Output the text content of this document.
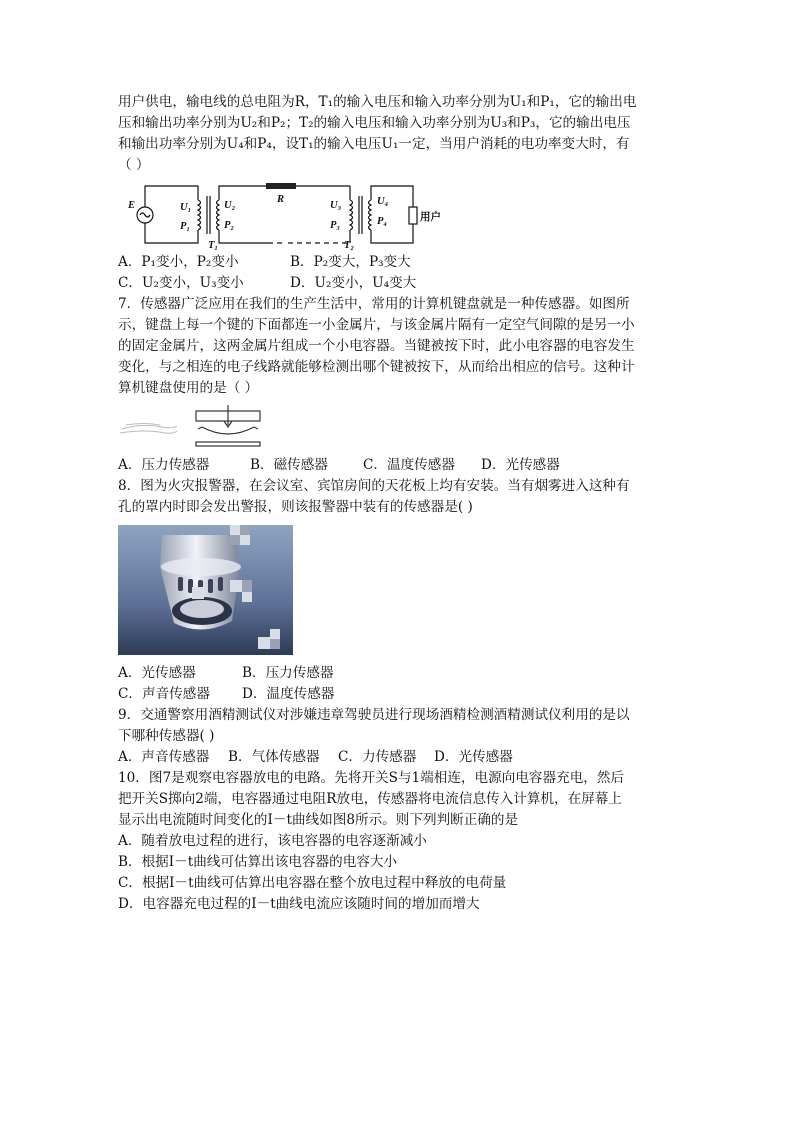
用户供电，输电线的总电阻为R，T₁的输入电压和输入功率分别为U₁和P₁，它的输出电

压和输出功率分别为U₂和P₂；T₂的输入电压和输入功率分别为U₃和P₃，它的输出电压

和输出功率分别为U₄和P₄，设T₁的输入电压U₁一定，当用户消耗的电功率变大时，有

（ ）

E	U₁
P₁
U₂
P₂
R
T₁
U₃
P₃
T₂
U₄
P₄	用户
A．P₁变小，P₂变小	B．P₂变大，P₃变大
C．U₂变小，U₃变小	D．U₂变小，U₄变大

7．传感器广泛应用在我们的生产生活中，常用的计算机键盘就是一种传感器。如图所

示，键盘上每一个键的下面都连一小金属片，与该金属片隔有一定空气间隙的是另一小

的固定金属片，这两金属片组成一个小电容器。当键被按下时，此小电容器的电容发生

变化，与之相连的电子线路就能够检测出哪个键被按下，从而给出相应的信号。这种计

算机键盘使用的是（ ）

A．压力传感器	B．磁传感器	C．温度传感器	D．光传感器

8．图为火灾报警器，在会议室、宾馆房间的天花板上均有安装。当有烟雾进入这种有

孔的罩内时即会发出警报，则该报警器中装有的传感器是( )

A．光传感器	B．压力传感器
C．声音传感器	D．温度传感器

9．交通警察用酒精测试仪对涉嫌违章驾驶员进行现场酒精检测酒精测试仪利用的是以

下哪种传感器( )

A．声音传感器	B．气体传感器	C．力传感器	D．光传感器

10．图7是观察电容器放电的电路。先将开关S与1端相连，电源向电容器充电，然后

把开关S掷向2端，电容器通过电阻R放电，传感器将电流信息传入计算机，在屏幕上

显示出电流随时间变化的I－t曲线如图8所示。则下列判断正确的是

A．随着放电过程的进行，该电容器的电容逐渐减小

B．根据I－t曲线可估算出该电容器的电容大小

C．根据I－t曲线可估算出电容器在整个放电过程中释放的电荷量

D．电容器充电过程的I－t曲线电流应该随时间的增加而增大
